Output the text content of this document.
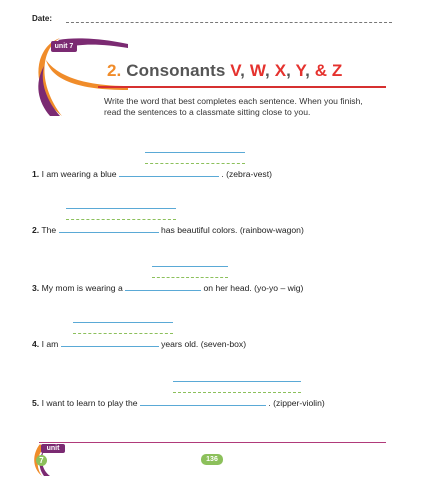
Date:
unit 7
2. Consonants V, W, X, Y, & Z
Write the word that best completes each sentence. When you finish, read the sentences to a classmate sitting close to you.
1. I am wearing a blue	. (zebra-vest)
2. The	has beautiful colors. (rainbow-wagon)
3. My mom is wearing a	on her head. (yo-yo – wig)
4. I am	years old. (seven-box)
5. I want to learn to play the	. (zipper-violin)
unit
7	136
